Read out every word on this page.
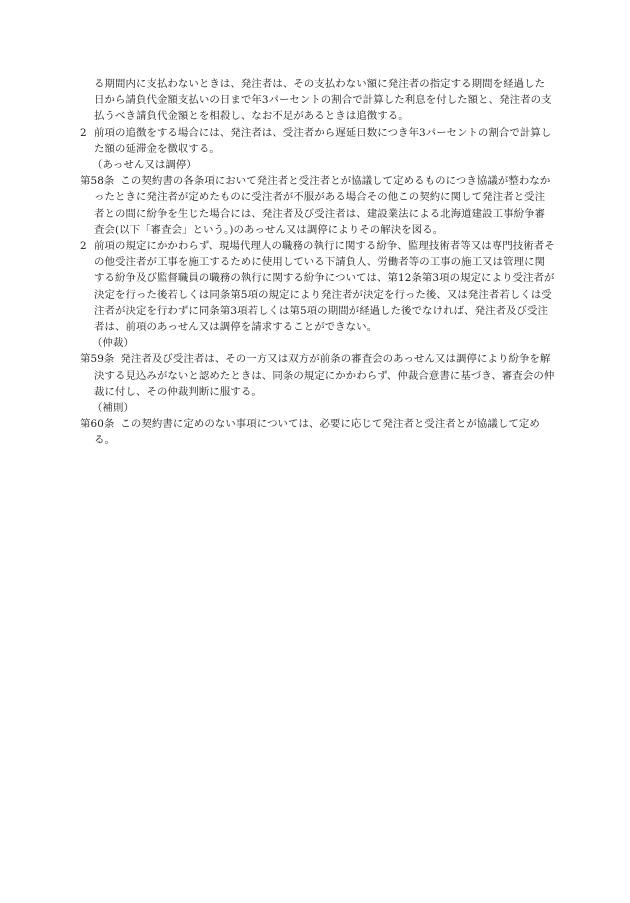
る期間内に支払わないときは、発注者は、その支払わない額に発注者の指定する期間を経過した日から請負代金額支払いの日まで年3パーセントの割合で計算した利息を付した額と、発注者の支払うべき請負代金額とを相殺し、なお不足があるときは追徴する。

2 前項の追徴をする場合には、発注者は、受注者から遅延日数につき年3パーセントの割合で計算した額の延滞金を徴収する。

（あっせん又は調停）

第58条 この契約書の各条項において発注者と受注者とが協議して定めるものにつき協議が整わなかったときに発注者が定めたものに受注者が不服がある場合その他この契約に関して発注者と受注者との間に紛争を生じた場合には、発注者及び受注者は、建設業法による北海道建設工事紛争審査会(以下「審査会」という。)のあっせん又は調停によりその解決を図る。

2 前項の規定にかかわらず、現場代理人の職務の執行に関する紛争、監理技術者等又は専門技術者その他受注者が工事を施工するために使用している下請負人、労働者等の工事の施工又は管理に関する紛争及び監督職員の職務の執行に関する紛争については、第12条第3項の規定により受注者が決定を行った後若しくは同条第5項の規定により発注者が決定を行った後、又は発注者若しくは受注者が決定を行わずに同条第3項若しくは第5項の期間が経過した後でなければ、発注者及び受注者は、前項のあっせん又は調停を請求することができない。

（仲裁）

第59条 発注者及び受注者は、その一方又は双方が前条の審査会のあっせん又は調停により紛争を解決する見込みがないと認めたときは、同条の規定にかかわらず、仲裁合意書に基づき、審査会の仲裁に付し、その仲裁判断に服する。

（補則）

第60条 この契約書に定めのない事項については、必要に応じて発注者と受注者とが協議して定める。
